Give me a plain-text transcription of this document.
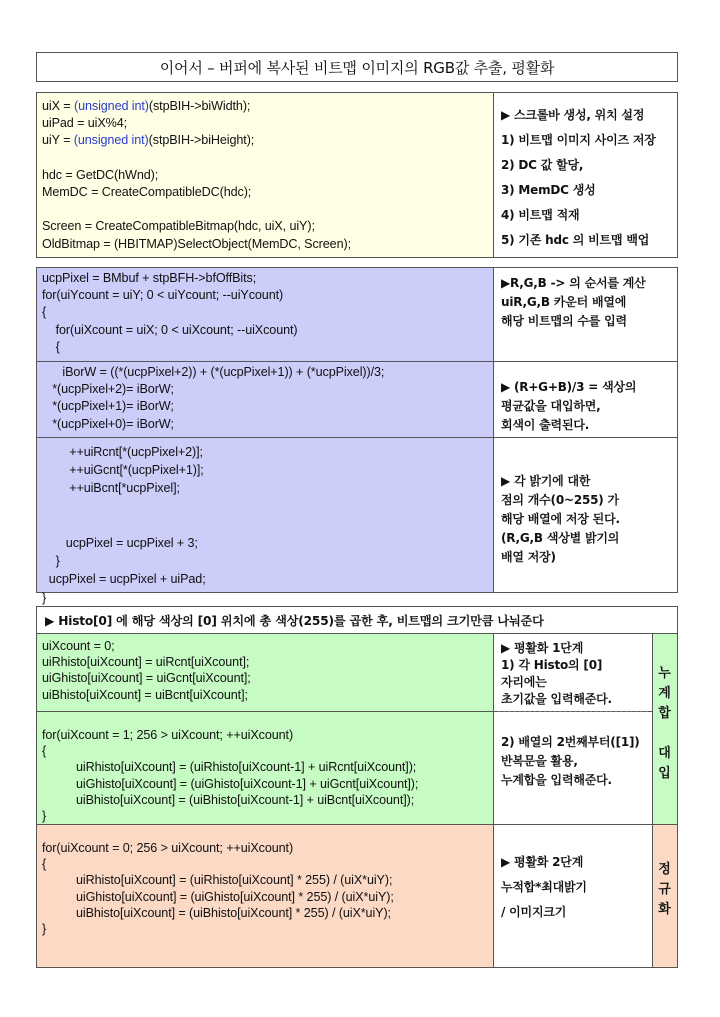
이어서 – 버퍼에 복사된 비트맵 이미지의 RGB값 추출, 평활화
uiX = (unsigned int)(stpBIH->biWidth);
uiPad = uiX%4;
uiY = (unsigned int)(stpBIH->biHeight);

hdc = GetDC(hWnd);
MemDC = CreateCompatibleDC(hdc);

Screen = CreateCompatibleBitmap(hdc, uiX, uiY);
OldBitmap = (HBITMAP)SelectObject(MemDC, Screen);
▶ 스크롤바 생성, 위치 설정
1) 비트맵 이미지 사이즈 저장
2) DC 값 할당,
3) MemDC 생성
4) 비트맵 적재
5) 기존 hdc 의 비트맵 백업
ucpPixel = BMbuf + stpBFH->bfOffBits;
for(uiYcount = uiY; 0 < uiYcount; --uiYcount)
{
for(uiXcount = uiX; 0 < uiXcount; --uiXcount)
{
iBorW = ((*(ucpPixel+2)) + (*(ucpPixel+1)) + (*ucpPixel))/3;
*(ucpPixel+2)= iBorW;
*(ucpPixel+1)= iBorW;
*(ucpPixel+0)= iBorW;
++uiRcnt[*(ucpPixel+2)];
++uiGcnt[*(ucpPixel+1)];
++uiBcnt[*ucpPixel];

ucpPixel = ucpPixel + 3;
}
ucpPixel = ucpPixel + uiPad;
}
▶R,G,B -> 의 순서를 계산
uiR,G,B 카운터 배열에
해당 비트맵의 수를 입력
▶ (R+G+B)/3 = 색상의
평균값을 대입하면,
회색이 출력된다.
▶ 각 밝기에 대한
점의 개수(0~255) 가
해당 배열에 저장 된다.
(R,G,B 색상별 밝기의
배열 저장)
▶ Histo[0] 에 해당 색상의 [0] 위치에 총 색상(255)를 곱한 후, 비트맵의 크기만큼 나눠준다
uiXcount = 0;
uiRhisto[uiXcount] = uiRcnt[uiXcount];
uiGhisto[uiXcount] = uiGcnt[uiXcount];
uiBhisto[uiXcount] = uiBcnt[uiXcount];
for(uiXcount = 1; 256 > uiXcount; ++uiXcount)
{
uiRhisto[uiXcount] = (uiRhisto[uiXcount-1] + uiRcnt[uiXcount]);
uiGhisto[uiXcount] = (uiGhisto[uiXcount-1] + uiGcnt[uiXcount]);
uiBhisto[uiXcount] = (uiBhisto[uiXcount-1] + uiBcnt[uiXcount]);
}
for(uiXcount = 0; 256 > uiXcount; ++uiXcount)
{
uiRhisto[uiXcount] = (uiRhisto[uiXcount] * 255) / (uiX*uiY);
uiGhisto[uiXcount] = (uiGhisto[uiXcount] * 255) / (uiX*uiY);
uiBhisto[uiXcount] = (uiBhisto[uiXcount] * 255) / (uiX*uiY);
}
▶ 평활화 1단계
1) 각 Histo의 [0]
자리에는
초기값을 입력해준다.
2) 배열의 2번째부터([1])
반복문을 활용,
누계합을 입력해준다.
▶ 평활화 2단계
누적합*최대밝기
/ 이미지크기
누
계
합

대
입
정
규
화
